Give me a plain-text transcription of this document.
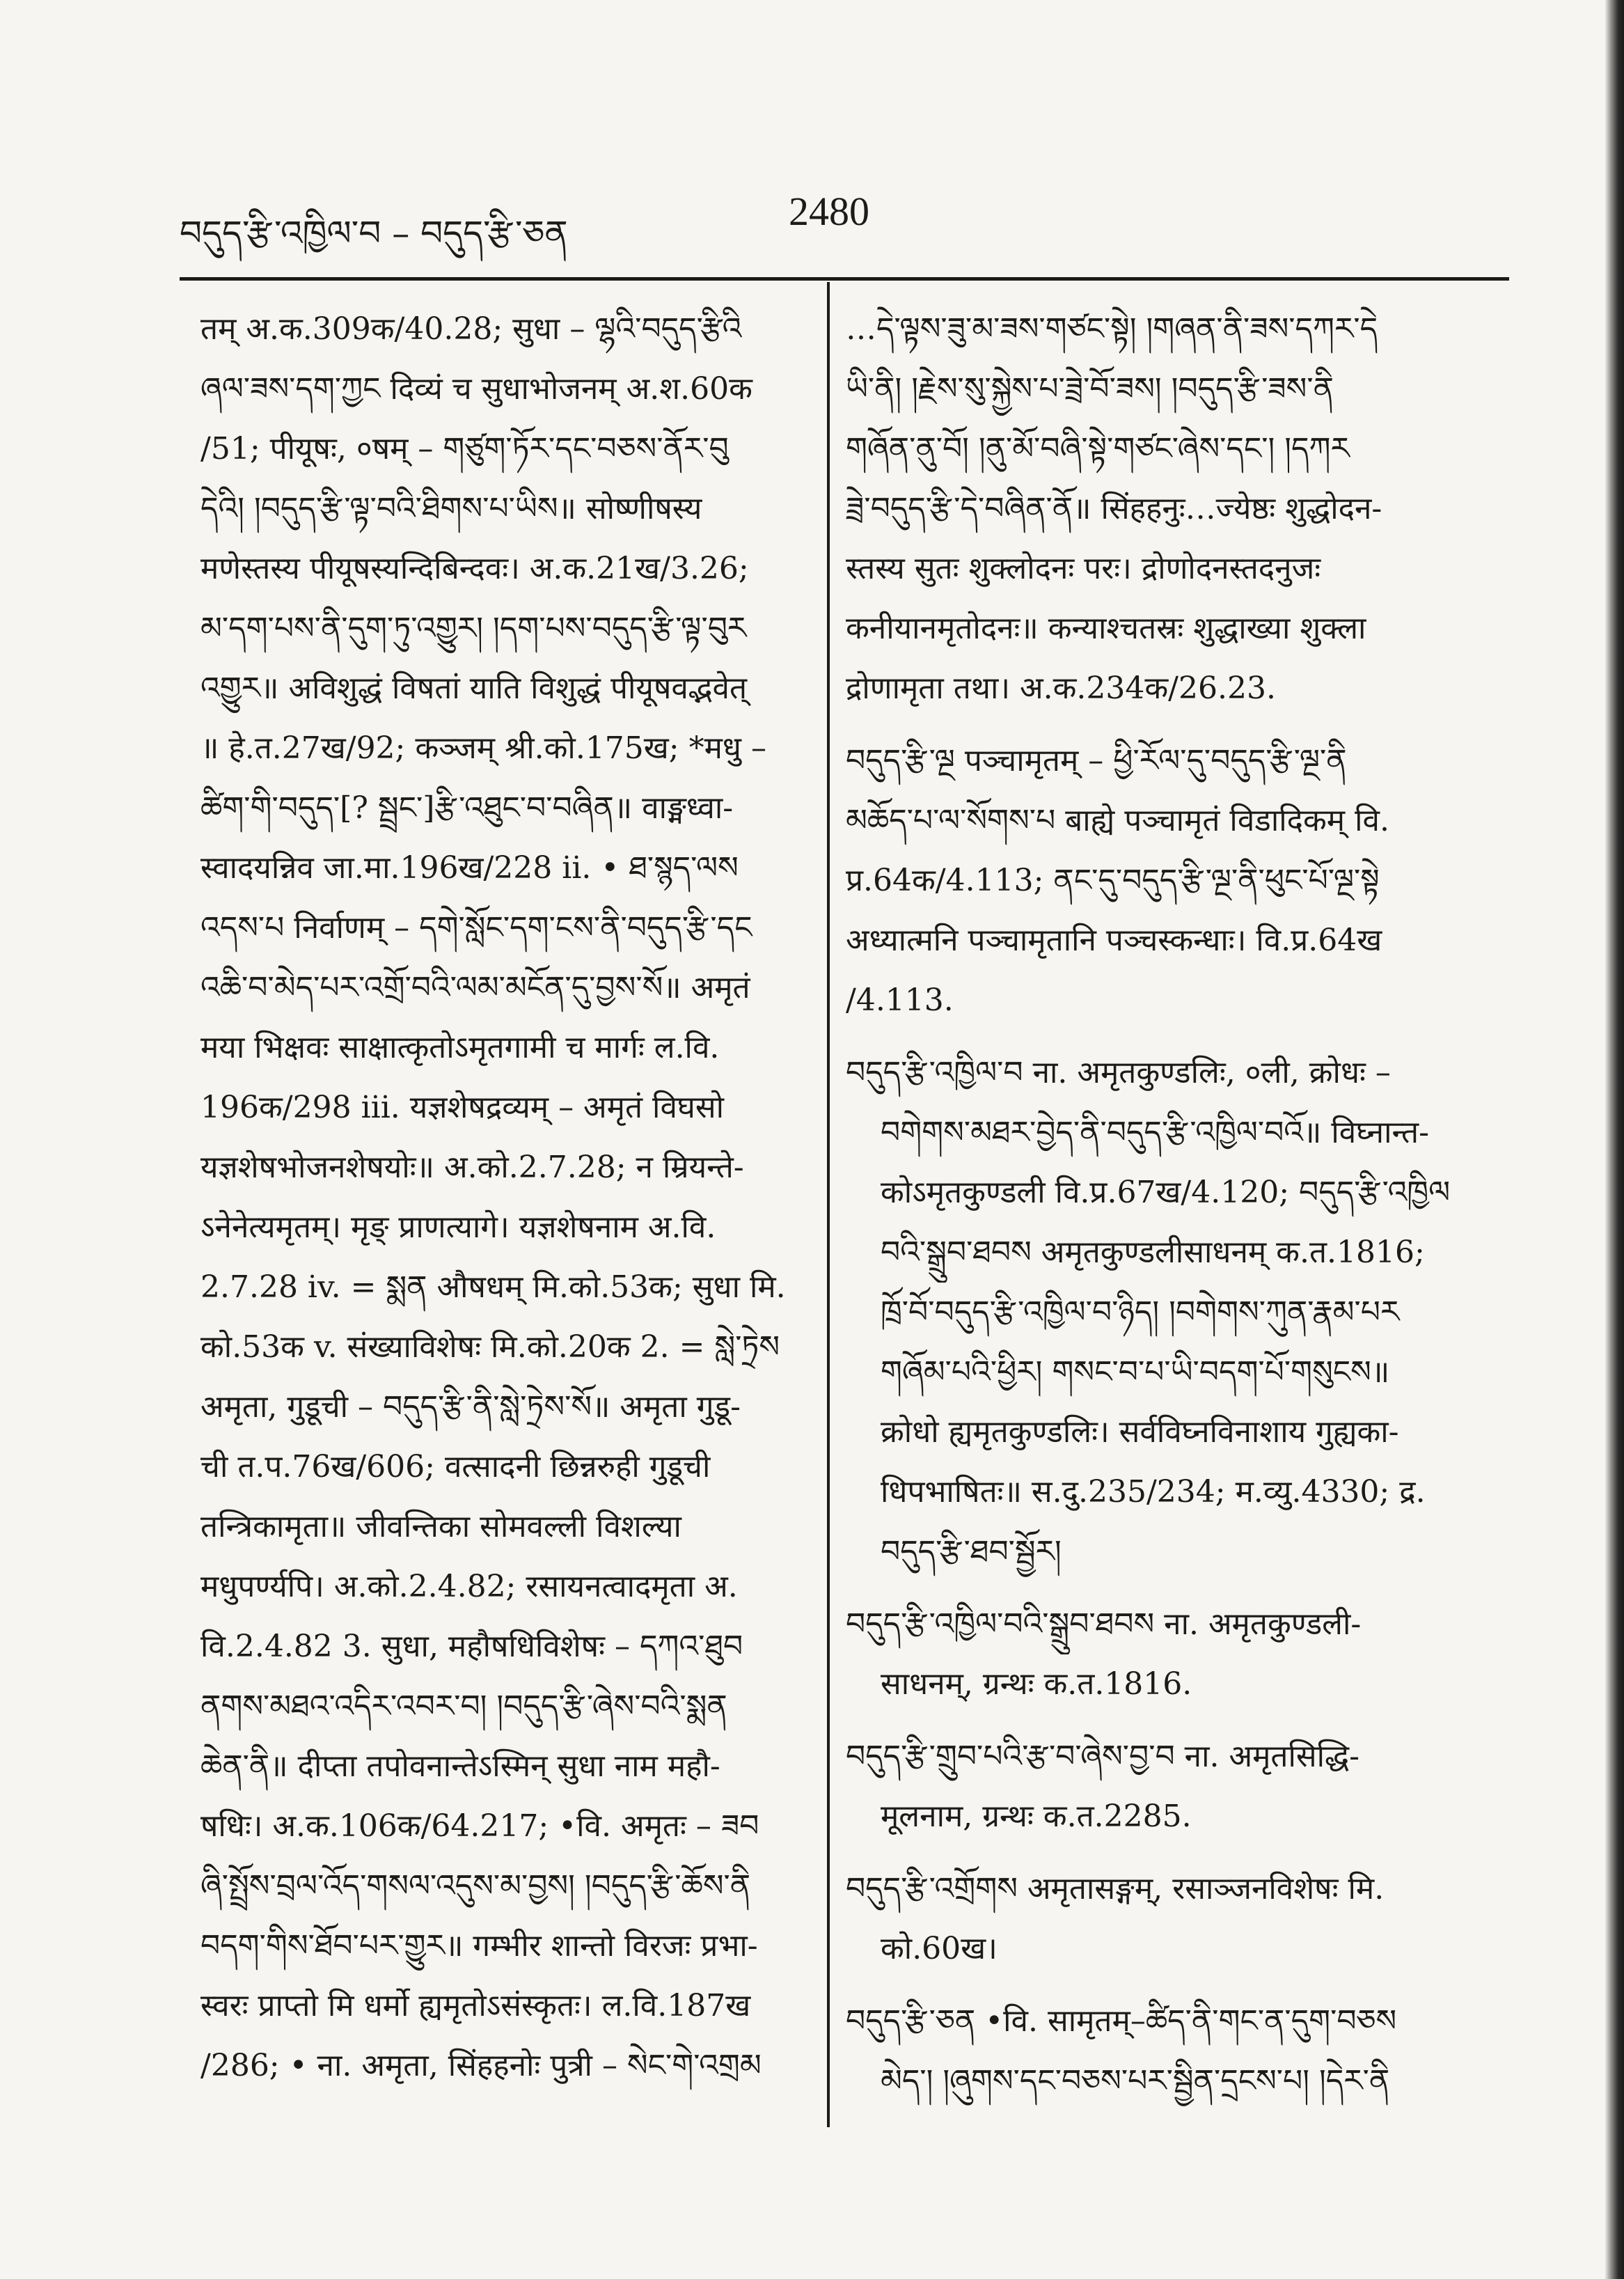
བདུད་རྩི་འཁྱིལ་བ – བདུད་རྩི་ཅན	2480
तम् अ.क.309क/40.28; सुधा – ལྷའི་བདུད་རྩིའི
ཞལ་ཟས་དག་ཀྱང दिव्यं च सुधाभोजनम् अ.श.60क
/51; पीयूषः, ०षम् – གཙུག་ཏོར་དང་བཅས་ནོར་བུ
དེའི། །བདུད་རྩི་ལྟ་བའི་ཐིགས་པ་ཡིས॥ सोष्णीषस्य
मणेस्तस्य पीयूषस्यन्दिबिन्दवः। अ.क.21ख/3.26;
མ་དག་པས་ནི་དུག་ཏུ་འགྱུར། །དག་པས་བདུད་རྩི་ལྟ་བུར
འགྱུར॥ अविशुद्धं विषतां याति विशुद्धं पीयूषवद्भवेत्
॥ हे.त.27ख/92; कञ्जम् श्री.को.175ख; *मधु –
ཚིག་གི་བདུད་[? སྦྲང་]རྩི་འཐུང་བ་བཞིན॥ वाङ्मध्वा-
स्वादयन्निव जा.मा.196ख/228 ii. • ཐ་སྙད་ལས
འདས་པ निर्वाणम् – དགེ་སློང་དག་ངས་ནི་བདུད་རྩི་དང
འཆི་བ་མེད་པར་འགྲོ་བའི་ལམ་མངོན་དུ་བྱས་སོ॥ अमृतं
मया भिक्षवः साक्षात्कृतोऽमृतगामी च मार्गः ल.वि.
196क/298 iii. यज्ञशेषद्रव्यम् – अमृतं विघसो
यज्ञशेषभोजनशेषयोः॥ अ.को.2.7.28; न म्रियन्ते-
ऽनेनेत्यमृतम्। मृङ् प्राणत्यागे। यज्ञशेषनाम अ.वि.
2.7.28 iv. = སྨན औषधम् मि.को.53क; सुधा मि.
को.53क v. संख्याविशेषः मि.को.20क 2. = སླེ་ཏྲེས
अमृता, गुडूची – བདུད་རྩི་ནི་སླེ་ཏྲེས་སོ॥ अमृता गुडू-
ची त.प.76ख/606; वत्सादनी छिन्नरुही गुडूची
तन्त्रिकामृता॥ जीवन्तिका सोमवल्ली विशल्या
मधुपर्ण्यपि। अ.को.2.4.82; रसायनत्वादमृता अ.
वि.2.4.82 3. सुधा, महौषधिविशेषः – དཀའ་ཐུབ
ནགས་མཐའ་འདིར་འབར་བ། །བདུད་རྩི་ཞེས་བའི་སྨན
ཆེན་ནི॥ दीप्ता तपोवनान्तेऽस्मिन् सुधा नाम महौ-
षधिः। अ.क.106क/64.217; •वि. अमृतः – ཟབ
ཞི་སྤྲོས་བྲལ་འོད་གསལ་འདུས་མ་བྱས། །བདུད་རྩི་ཆོས་ནི
བདག་གིས་ཐོབ་པར་གྱུར॥ गम्भीर शान्तो विरजः प्रभा-
स्वरः प्राप्तो मि धर्मो ह्यमृतोऽसंस्कृतः। ल.वि.187ख
/286; • ना. अमृता, सिंहहनोः पुत्री – སེང་གེ་འགྲམ
…དེ་ལྟས་ཟུ་མ་ཟས་གཙང་སྟེ། །གཞན་ནི་ཟས་དཀར་དེ
ཡི་ནི། །རྗེས་སུ་སྐྱེས་པ་ཟྲེ་བོ་ཟས། །བདུད་རྩི་ཟས་ནི
གཞོན་ནུ་བོ། །ནུ་མོ་བཞི་སྟེ་གཙང་ཞེས་དང་། །དཀར
ཟྲེ་བདུད་རྩི་དེ་བཞིན་ནོ॥ सिंहहनुः…ज्येष्ठः शुद्धोदन-
स्तस्य सुतः शुक्लोदनः परः। द्रोणोदनस्तदनुजः
कनीयानमृतोदनः॥ कन्याश्चतस्रः शुद्धाख्या शुक्ला
द्रोणामृता तथा। अ.क.234क/26.23.
བདུད་རྩི་ལྔ पञ्चामृतम् – ཕྱི་རོལ་དུ་བདུད་རྩི་ལྔ་ནི
མཆོད་པ་ལ་སོགས་པ बाह्ये पञ्चामृतं विडादिकम् वि.
प्र.64क/4.113; ནང་དུ་བདུད་རྩི་ལྔ་ནི་ཕུང་པོ་ལྔ་སྟེ
अध्यात्मनि पञ्चामृतानि पञ्चस्कन्धाः। वि.प्र.64ख
/4.113.
བདུད་རྩི་འཁྱིལ་བ ना. अमृतकुण्डलिः, ०ली, क्रोधः –
བགེགས་མཐར་བྱེད་ནི་བདུད་རྩི་འཁྱིལ་བའོ॥ विघ्नान्त-
कोऽमृतकुण्डली वि.प्र.67ख/4.120; བདུད་རྩི་འཁྱིལ
བའི་སྒྲུབ་ཐབས अमृतकुण्डलीसाधनम् क.त.1816;
ཁྲོ་བོ་བདུད་རྩི་འཁྱིལ་བ་ཉིད། །བགེགས་ཀུན་རྣམ་པར
གཞོམ་པའི་ཕྱིར། གསང་བ་པ་ཡི་བདག་པོ་གསུངས॥
क्रोधो ह्यमृतकुण्डलिः। सर्वविघ्नविनाशाय गुह्यका-
धिपभाषितः॥ स.दु.235/234; म.व्यु.4330; द्र.
བདུད་རྩི་ཐབ་སྦྱོར།
བདུད་རྩི་འཁྱིལ་བའི་སྒྲུབ་ཐབས ना. अमृतकुण्डली-
साधनम्, ग्रन्थः क.त.1816.
བདུད་རྩི་གྲུབ་པའི་རྩ་བ་ཞེས་བྱ་བ ना. अमृतसिद्धि-
मूलनाम, ग्रन्थः क.त.2285.
བདུད་རྩི་འགྲོགས अमृतासङ्गम्, रसाञ्जनविशेषः मि.
को.60ख।
བདུད་རྩི་ཅན •वि. सामृतम्–ཚིད་ནི་གང་ན་དུག་བཅས
མེད་། །ཞུགས་དང་བཅས་པར་སྦྱིན་དྲངས་པ། །དེར་ནི
